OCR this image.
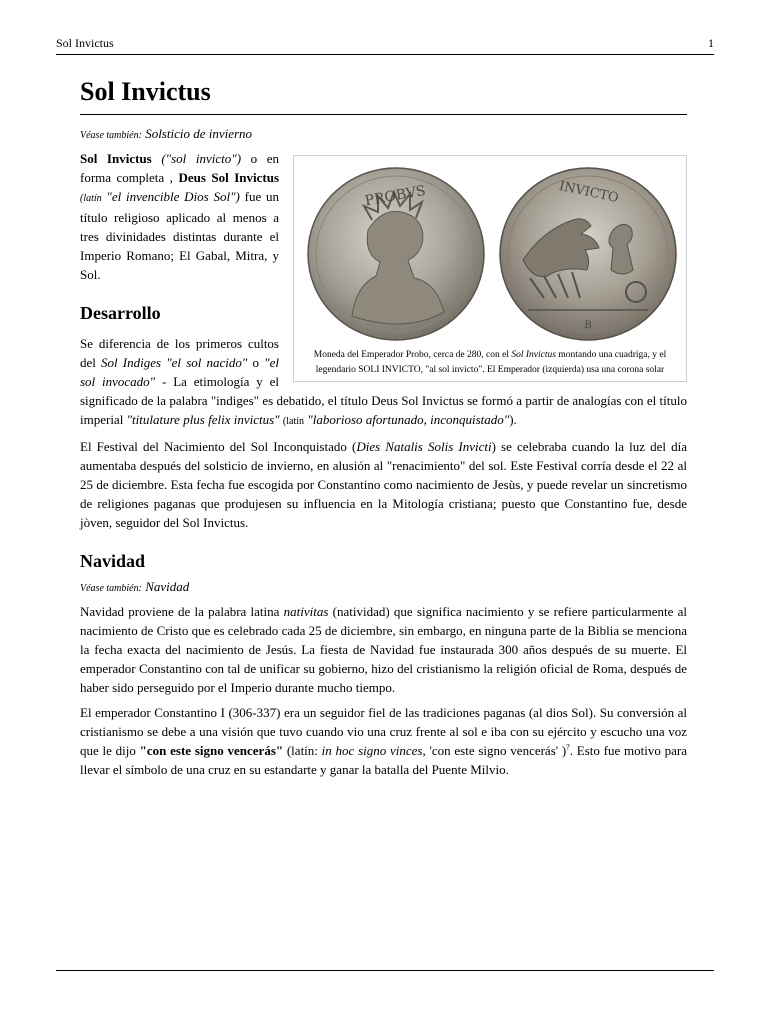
Sol Invictus	1
Sol Invictus
Véase también: Solsticio de invierno
PROBVS
B
INVICTO
Moneda del Emperador Probo, cerca de 280, con el Sol Invictus montando una cuadriga, y el legendario SOLI INVICTO, "al sol invicto". El Emperador (izquierda) usa una corona solar

Sol Invictus ("sol invicto") o en forma completa , Deus Sol Invictus (latín "el invencible Dios Sol") fue un título religioso aplicado al menos a tres divinidades distintas durante el Imperio Romano; El Gabal, Mitra, y Sol.

Desarrollo

Se diferencia de los primeros cultos del Sol Indiges "el sol nacido" o "el sol invocado" - La etimología y el significado de la palabra "indiges" es debatido, el título Deus Sol Invictus se formó a partir de analogías con el título imperial "titulature plus felix invictus" (latín "laborioso afortunado, inconquistado").

El Festival del Nacimiento del Sol Inconquistado (Dies Natalis Solis Invicti) se celebraba cuando la luz del día aumentaba después del solsticio de invierno, en alusión al "renacimiento" del sol. Este Festival corría desde el 22 al 25 de diciembre. Esta fecha fue escogida por Constantino como nacimiento de Jesùs, y puede revelar un sincretismo de religiones paganas que produjesen su influencia en la Mitología cristiana; puesto que Constantino fue, desde jòven, seguidor del Sol Invictus.

Navidad
Véase también: Navidad

Navidad proviene de la palabra latina nativitas (natividad) que significa nacimiento y se refiere particularmente al nacimiento de Cristo que es celebrado cada 25 de diciembre, sin embargo, en ninguna parte de la Biblia se menciona la fecha exacta del nacimiento de Jesús. La fiesta de Navidad fue instaurada 300 años después de su muerte. El emperador Constantino con tal de unificar su gobierno, hizo del cristianismo la religión oficial de Roma, después de haber sido perseguido por el Imperio durante mucho tiempo.

El emperador Constantino I (306-337) era un seguidor fiel de las tradiciones paganas (al dios Sol). Su conversión al cristianismo se debe a una visión que tuvo cuando vio una cruz frente al sol e iba con su ejército y escucho una voz que le dijo "con este signo vencerás" (latín: in hoc signo vinces, 'con este signo vencerás' )?. Esto fue motivo para llevar el símbolo de una cruz en su estandarte y ganar la batalla del Puente Milvio.
